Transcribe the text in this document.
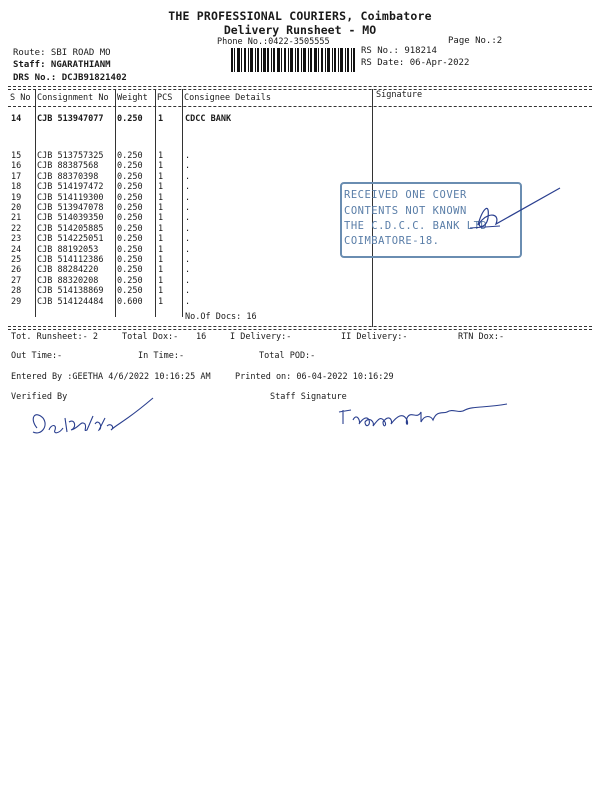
THE PROFESSIONAL COURIERS, Coimbatore
Delivery Runsheet - MO
Phone No.:0422-3505555	Page No.:2
Route: SBI ROAD MO
Staff: NGARATHIANM
DRS No.: DCJB91821402
RS No.: 918214
RS Date: 06-Apr-2022
S No Consignment No Weight PCS Consignee Details	Signature
14 CJB 513947077 0.250 1	CDCC BANK
15 CJB 513757325 0.250 1	.
16 CJB 88387568 0.250 1	.
17 CJB 88370398 0.250 1	.
18 CJB 514197472 0.250 1	.
19 CJB 514119300 0.250 1	.
20 CJB 513947078 0.250 1	.
21 CJB 514039350 0.250 1	.
22 CJB 514205885 0.250 1	.
23 CJB 514225051 0.250 1	.
24 CJB 88192053 0.250 1	.
25 CJB 514112386 0.250 1	.
26 CJB 88284220 0.250 1	.
27 CJB 88320208 0.250 1	.
28 CJB 514138869 0.250 1	.
29 CJB 514124484 0.600 1	.
No.Of Docs: 16
RECEIVED ONE COVER
CONTENTS NOT KNOWN
THE C.D.C.C. BANK LTD
COIMBATORE-18.
Tot. Runsheet:- 2	Total Dox:- 16	I Delivery:-	II Delivery:-	RTN Dox:-
Out Time:-	In Time:-	Total POD:-
Entered By :GEETHA 4/6/2022 10:16:25 AM	Printed on: 06-04-2022 10:16:29
Verified By	Staff Signature
